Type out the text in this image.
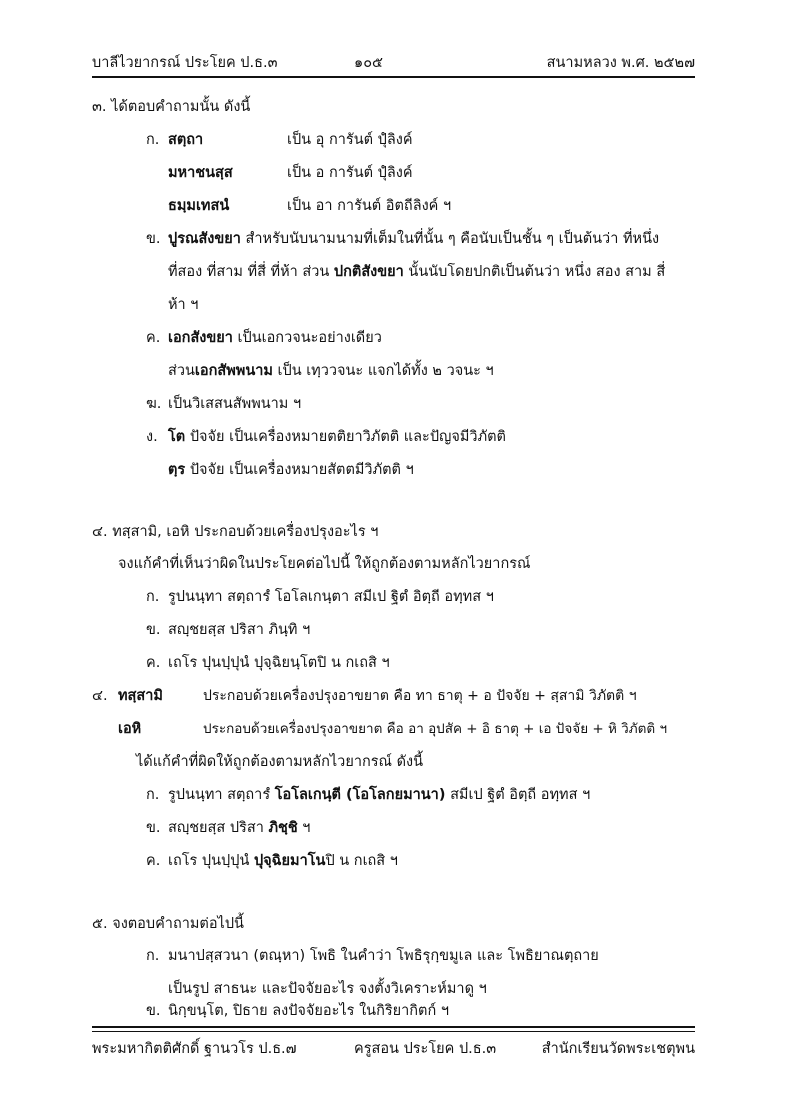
บาลีไวยากรณ์ ประโยค ป.ธ.๓	๑๐๕	สนามหลวง พ.ศ. ๒๕๒๗
๓. ได้ตอบคำถามนั้น ดังนี้
ก. สตฺถา	เป็น อุ การันต์ ปุํลิงค์
มหาชนสฺส	เป็น อ การันต์ ปุํลิงค์
ธมฺมเทสนํ	เป็น อา การันต์ อิตถีลิงค์ ฯ
ข. ปูรณสังขยา สำหรับนับนามนามที่เต็มในที่นั้น ๆ คือนับเป็นชั้น ๆ เป็นต้นว่า ที่หนึ่ง
ที่สอง ที่สาม ที่สี่ ที่ห้า ส่วน ปกติสังขยา นั้นนับโดยปกติเป็นต้นว่า หนึ่ง สอง สาม สี่
ห้า ฯ
ค. เอกสังขยา เป็นเอกวจนะอย่างเดียว
ส่วนเอกสัพพนาม เป็น เทฺววจนะ แจกได้ทั้ง ๒ วจนะ ฯ
ฆ. เป็นวิเสสนสัพพนาม ฯ
ง. โต ปัจจัย เป็นเครื่องหมายตติยาวิภัตติ และปัญจมีวิภัตติ
ตฺร ปัจจัย เป็นเครื่องหมายสัตตมีวิภัตติ ฯ
๔. ทสฺสามิ, เอหิ ประกอบด้วยเครื่องปรุงอะไร ฯ
จงแก้คำที่เห็นว่าผิดในประโยคต่อไปนี้ ให้ถูกต้องตามหลักไวยากรณ์
ก. รูปนนฺทา สตฺถารํ โอโลเกนฺตา สมีเป ฐิตํ อิตฺถี อทฺทส ฯ
ข. สญฺชยสฺส ปริสา ภินฺทิ ฯ
ค. เถโร ปุนปฺปุนํ ปุจฺฉิยนฺโตปิ น กเถสิ ฯ
๔. ทสฺสามิ	ประกอบด้วยเครื่องปรุงอาขยาต คือ ทา ธาตุ + อ ปัจจัย + สฺสามิ วิภัตติ ฯ
เอหิ	ประกอบด้วยเครื่องปรุงอาขยาต คือ อา อุปสัค + อิ ธาตุ + เอ ปัจจัย + หิ วิภัตติ ฯ
ได้แก้คำที่ผิดให้ถูกต้องตามหลักไวยากรณ์ ดังนี้
ก. รูปนนฺทา สตฺถารํ โอโลเกนฺตี (โอโลกยมานา) สมีเป ฐิตํ อิตฺถี อทฺทส ฯ
ข. สญฺชยสฺส ปริสา ภิชฺชิ ฯ
ค. เถโร ปุนปฺปุนํ ปุจฺฉิยมาโนปิ น กเถสิ ฯ
๕. จงตอบคำถามต่อไปนี้
ก. มนาปสฺสวนา (ตณฺหา) โพธิ ในคำว่า โพธิรุกฺขมูเล และ โพธิยาณตฺถาย
เป็นรูป สาธนะ และปัจจัยอะไร จงตั้งวิเคราะห์มาดู ฯ
พระมหากิตติศักดิ์ ฐานวโร ป.ธ.๗	ครูสอน ประโยค ป.ธ.๓	สำนักเรียนวัดพระเชตุพน
ข. นิกฺขนฺโต, ปิธาย ลงปัจจัยอะไร ในกิริยากิตก์ ฯ
